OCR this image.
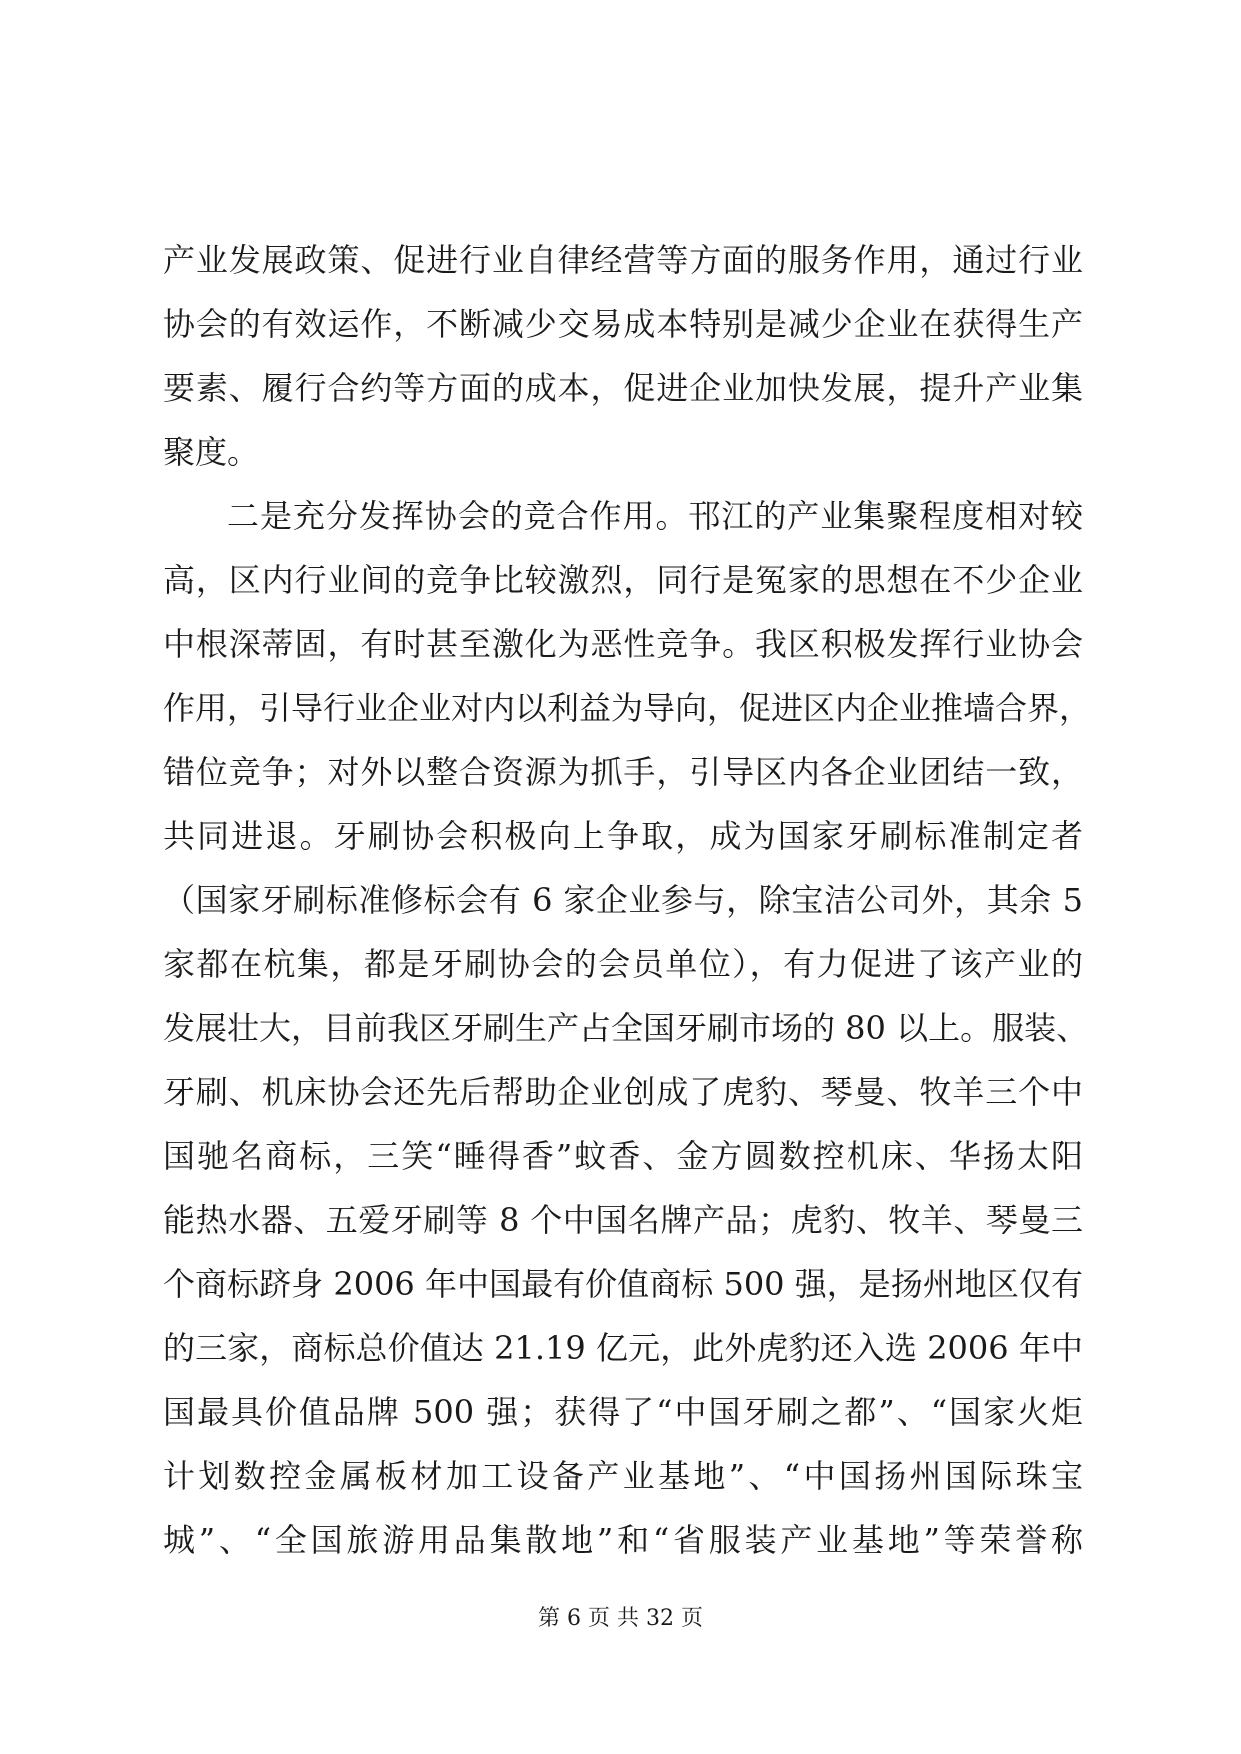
产业发展政策、促进行业自律经营等方面的服务作用，通过行业
协会的有效运作，不断减少交易成本特别是减少企业在获得生产
要素、履行合约等方面的成本，促进企业加快发展，提升产业集
聚度。
二是充分发挥协会的竞合作用。邗江的产业集聚程度相对较
高，区内行业间的竞争比较激烈，同行是冤家的思想在不少企业
中根深蒂固，有时甚至激化为恶性竞争。我区积极发挥行业协会
作用，引导行业企业对内以利益为导向，促进区内企业推墙合界，
错位竞争；对外以整合资源为抓手，引导区内各企业团结一致，
共同进退。牙刷协会积极向上争取，成为国家牙刷标准制定者
（国家牙刷标准修标会有 6 家企业参与，除宝洁公司外，其余 5
家都在杭集，都是牙刷协会的会员单位），有力促进了该产业的
发展壮大，目前我区牙刷生产占全国牙刷市场的 80 以上。服装、
牙刷、机床协会还先后帮助企业创成了虎豹、琴曼、牧羊三个中
国驰名商标，三笑“睡得香”蚊香、金方圆数控机床、华扬太阳
能热水器、五爱牙刷等 8 个中国名牌产品；虎豹、牧羊、琴曼三
个商标跻身 2006 年中国最有价值商标 500 强，是扬州地区仅有
的三家，商标总价值达 21.19 亿元，此外虎豹还入选 2006 年中
国最具价值品牌 500 强；获得了“中国牙刷之都”、“国家火炬
计划数控金属板材加工设备产业基地”、“中国扬州国际珠宝
城”、“全国旅游用品集散地”和“省服装产业基地”等荣誉称
第 6 页 共 32 页
